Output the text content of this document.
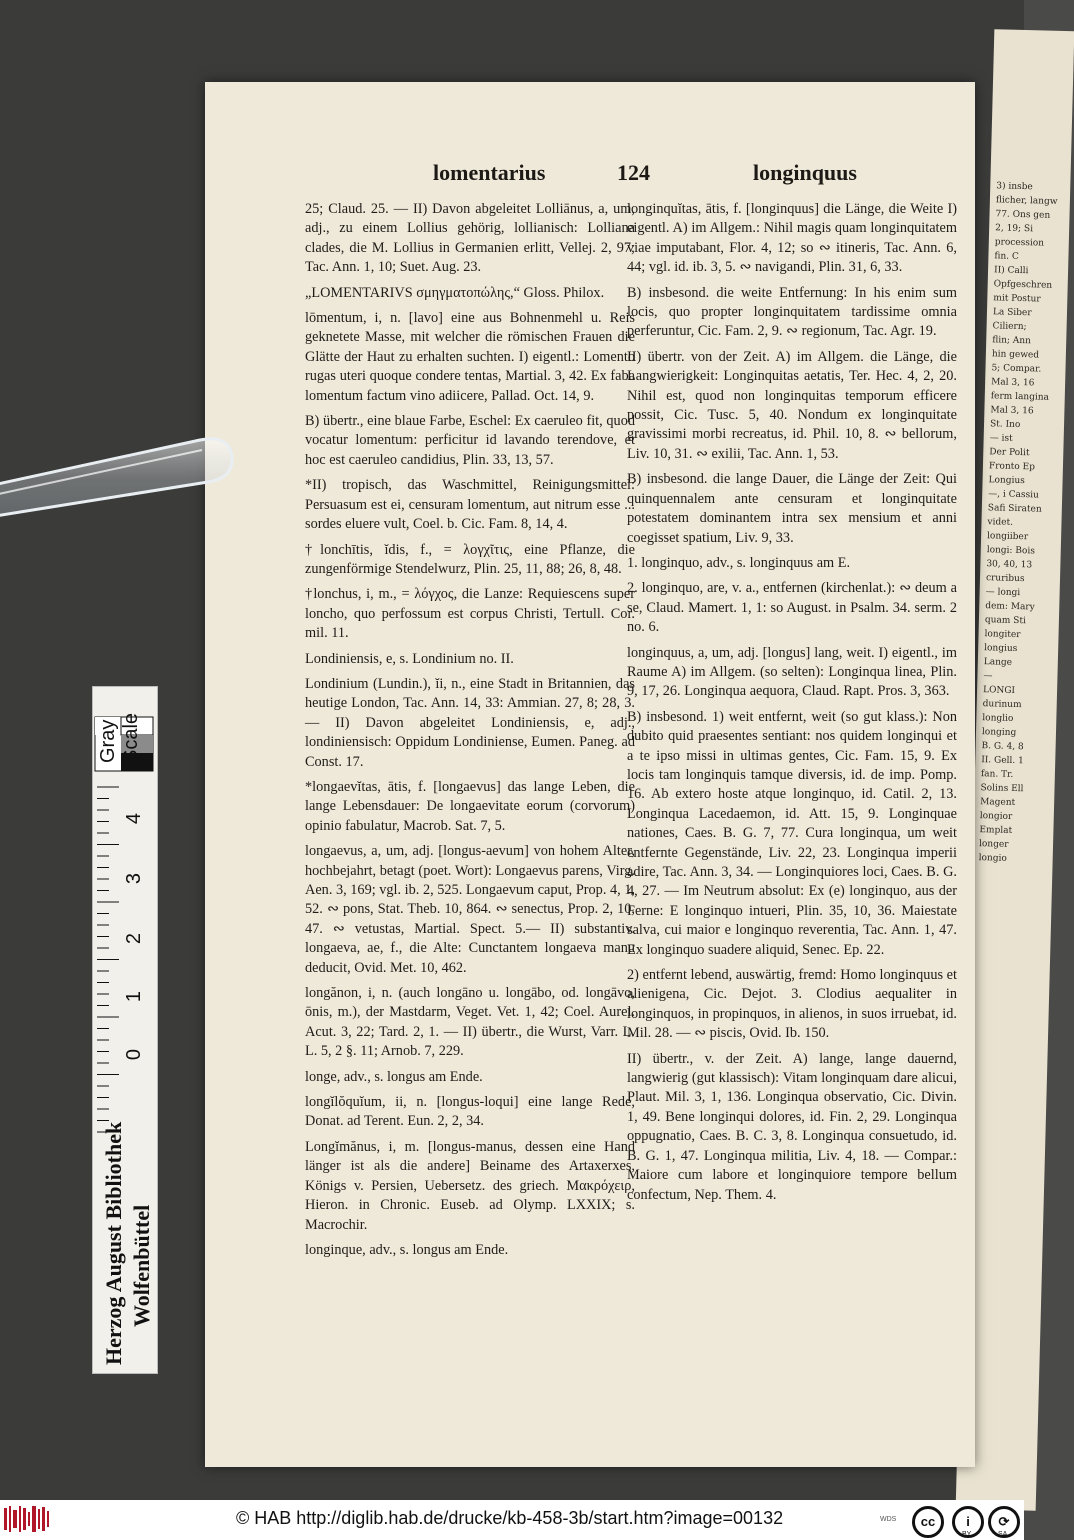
3) insbe
flicher, langw
77. Ons gen
2, 19; Si
procession
fin. C
II) Calli
Opfgeschren
mit Postur
La Siber
Ciliern;
flin; Ann
hin gewed
5; Compar.
Mal 3, 16
ferm langina
Mal 3, 16
St. Ino
— ist
Der Polit
Fronto Ep
Longius
—, i Cassiu
Safi Siraten
videt.
longiiber
longi: Bois
30, 40, 13
cruribus
— longi
dem: Mary
quam Sti
longiter
longius
Lange
—
LONGI
durinum
longlio
longing
B. G. 4, 8
II. Gell. 1
fan. Tr.
Solins Ell
Magent
longior
Emplat
longer
longio
lomentarius	124	longinquus

25; Claud. 25. — II) Davon abgeleitet Lolliānus, a, um, adj., zu einem Lollius gehörig, lollianisch: Lolliana clades, die M. Lollius in Germanien erlitt, Vellej. 2, 97; Tac. Ann. 1, 10; Suet. Aug. 23.

„LOMENTARIVS σμηγματοπώλης,“ Gloss. Philox.

lōmentum, i, n. [lavo] eine aus Bohnenmehl u. Reis geknetete Masse, mit welcher die römischen Frauen die Glätte der Haut zu erhalten suchten. I) eigentl.: Lomento rugas uteri quoque condere tentas, Martial. 3, 42. Ex faba lomentum factum vino adiicere, Pallad. Oct. 14, 9.

B) übertr., eine blaue Farbe, Eschel: Ex caeruleo fit, quod vocatur lomentum: perficitur id lavando terendove, et hoc est caeruleo candidius, Plin. 33, 13, 57.

*II) tropisch, das Waschmittel, Reinigungsmittel: Persuasum est ei, censuram lomentum, aut nitrum esse ... sordes eluere vult, Coel. b. Cic. Fam. 8, 14, 4.

†lonchītis, ĭdis, f., = λογχῖτις, eine Pflanze, die zungenförmige Stendelwurz, Plin. 25, 11, 88; 26, 8, 48.

†lonchus, i, m., = λόγχος, die Lanze: Requiescens super loncho, quo perfossum est corpus Christi, Tertull. Cor. mil. 11.

Londiniensis, e, s. Londinium no. II.

Londinium (Lundin.), ĭi, n., eine Stadt in Britannien, das heutige London, Tac. Ann. 14, 33: Ammian. 27, 8; 28, 3. — II) Davon abgeleitet Londiniensis, e, adj., londiniensisch: Oppidum Londiniense, Eumen. Paneg. ad Const. 17.

*longaevĭtas, ātis, f. [longaevus] das lange Leben, die lange Lebensdauer: De longaevitate eorum (corvorum) opinio fabulatur, Macrob. Sat. 7, 5.

longaevus, a, um, adj. [longus-aevum] von hohem Alter, hochbejahrt, betagt (poet. Wort): Longaevus parens, Virg. Aen. 3, 169; vgl. ib. 2, 525. Longaevum caput, Prop. 4, 1, 52. ∾ pons, Stat. Theb. 10, 864. ∾ senectus, Prop. 2, 10, 47. ∾ vetustas, Martial. Spect. 5.— II) substantiv. longaeva, ae, f., die Alte: Cunctantem longaeva manu deducit, Ovid. Met. 10, 462.

longănon, i, n. (auch longāno u. longābo, od. longāvo, ōnis, m.), der Mastdarm, Veget. Vet. 1, 42; Coel. Aurel. Acut. 3, 22; Tard. 2, 1. — II) übertr., die Wurst, Varr. L. L. 5, 2 §. 11; Arnob. 7, 229.

longe, adv., s. longus am Ende.

longĭlŏquĭum, ii, n. [longus-loqui] eine lange Rede, Donat. ad Terent. Eun. 2, 2, 34.

Longĭmănus, i, m. [longus-manus, dessen eine Hand länger ist als die andere] Beiname des Artaxerxes, Königs v. Persien, Uebersetz. des griech. Μακρόχειρ, Hieron. in Chronic. Euseb. ad Olymp. LXXIX; s. Macrochir.

longinque, adv., s. longus am Ende.

longinquĭtas, ātis, f. [longinquus] die Länge, die Weite I) eigentl. A) im Allgem.: Nihil magis quam longinquitatem viae imputabant, Flor. 4, 12; so ∾ itineris, Tac. Ann. 6, 44; vgl. id. ib. 3, 5. ∾ navigandi, Plin. 31, 6, 33.

B) insbesond. die weite Entfernung: In his enim sum locis, quo propter longinquitatem tardissime omnia perferuntur, Cic. Fam. 2, 9. ∾ regionum, Tac. Agr. 19.

II) übertr. von der Zeit. A) im Allgem. die Länge, die Langwierigkeit: Longinquitas aetatis, Ter. Hec. 4, 2, 20. Nihil est, quod non longinquitas temporum efficere possit, Cic. Tusc. 5, 40. Nondum ex longinquitate gravissimi morbi recreatus, id. Phil. 10, 8. ∾ bellorum, Liv. 10, 31. ∾ exilii, Tac. Ann. 1, 53.

B) insbesond. die lange Dauer, die Länge der Zeit: Qui quinquennalem ante censuram et longinquitate potestatem dominantem intra sex mensium et anni coegisset spatium, Liv. 9, 33.

1. longinquo, adv., s. longinquus am E.

2. longinquo, are, v. a., entfernen (kirchenlat.): ∾ deum a se, Claud. Mamert. 1, 1: so August. in Psalm. 34. serm. 2 no. 6.

longinquus, a, um, adj. [longus] lang, weit. I) eigentl., im Raume A) im Allgem. (so selten): Longinqua linea, Plin. 9, 17, 26. Longinqua aequora, Claud. Rapt. Pros. 3, 363.

B) insbesond. 1) weit entfernt, weit (so gut klass.): Non dubito quid praesentes sentiant: nos quidem longinqui et a te ipso missi in ultimas gentes, Cic. Fam. 15, 9. Ex locis tam longinquis tamque diversis, id. de imp. Pomp. 16. Ab extero hoste atque longinquo, id. Catil. 2, 13. Longinqua Lacedaemon, id. Att. 15, 9. Longinquae nationes, Caes. B. G. 7, 77. Cura longinqua, um weit entfernte Gegenstände, Liv. 22, 23. Longinqua imperii adire, Tac. Ann. 3, 34. — Longinquiores loci, Caes. B. G. 4, 27. — Im Neutrum absolut: Ex (e) longinquo, aus der Ferne: E longinquo intueri, Plin. 35, 10, 36. Maiestate salva, cui maior e longinquo reverentia, Tac. Ann. 1, 47. Ex longinquo suadere aliquid, Senec. Ep. 22.

2) entfernt lebend, auswärtig, fremd: Homo longinquus et alienigena, Cic. Dejot. 3. Clodius aequaliter in longinquos, in propinquos, in alienos, in suos irruebat, id. Mil. 28. — ∾ piscis, Ovid. Ib. 150.

II) übertr., v. der Zeit. A) lange, lange dauernd, langwierig (gut klassisch): Vitam longinquam dare alicui, Plaut. Mil. 3, 1, 136. Longinqua observatio, Cic. Divin. 1, 49. Bene longinqui dolores, id. Fin. 2, 29. Longinqua oppugnatio, Caes. B. C. 3, 8. Longinqua consuetudo, id. B. G. 1, 47. Longinqua militia, Liv. 4, 18. — Compar.: Maiore cum labore et longinquiore tempore bellum confectum, Nep. Them. 4.

Gray Scale
4
3
2
1
0
Herzog August Bibliothek Wolfenbüttel
© HAB http://diglib.hab.de/drucke/kb-458-3b/start.htm?image=00132	WDS	cc	i	⟳
BY	SA
